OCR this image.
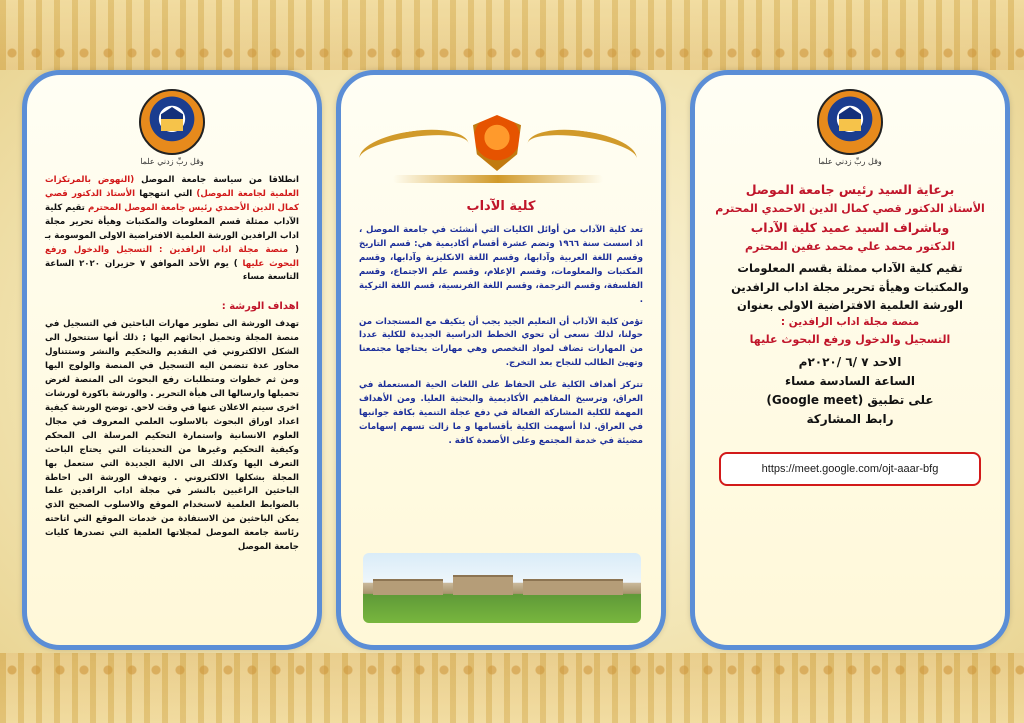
وقل ربِّ زدني علما

انطلاقا من سياسة جامعة الموصل (النهوض بالمرتكزات العلمية لجامعة الموصل) التي انتهجها الأستاذ الدكتور قصي كمال الدين الأحمدي رئيس جامعة الموصل المحترم تقيم كلية الآداب ممثلة قسم المعلومات والمكتبات وهيأة تحرير مجلة اداب الرافدين الورشة العلمية الافتراضية الاولى الموسومة بـ ( منصة مجلة اداب الرافدين : التسجيل والدخول ورفع البحوث عليها ) يوم الأحد الموافق ٧ حزيران ٢٠٢٠ الساعة التاسعة مساء

اهداف الورشة :

تهدف الورشة الى تطوير مهارات الباحثين في التسجيل في منصة المجلة وتحميل ابحاثهم اليها ; ذلك أنها ستتحول الى الشكل الالكتروني في التقديم والتحكيم والنشر وستتناول محاور عدة تتضمن اليه التسجيل في المنصة والولوج اليها ومن ثم خطوات ومتطلبات رفع البحوث الى المنصة لغرض تحميلها وارسالها الى هيأة التحرير . والورشة باكورة لورشات اخرى سيتم الاعلان عنها في وقت لاحق. توضح الورشة كيفية اعداد اوراق البحوث بالاسلوب العلمي المعروف في مجال العلوم الانسانية واستمارة التحكيم المرسلة الى المحكم وكيفية التحكيم وغيرها من التحديثات التي يحتاج الباحث التعرف اليها وكذلك الى الالية الجديدة التي ستعمل بها المجلة بشكلها الالكتروني . وتهدف الورشة الى احاطة الباحثين الراغبين بالنشر في مجلة اداب الرافدين علما بالضوابط العلمية لاستخدام الموقع والاسلوب الصحيح الذي يمكن الباحثين من الاستفادة من خدمات الموقع التي اتاحته رئاسة جامعة الموصل لمجلاتها العلمية التي تصدرها كليات جامعة الموصل

كلية الآداب

تعد كلية الآداب من أوائل الكليات التي أنشئت في جامعة الموصل ، اذ اسست سنة ١٩٦٦ وتضم عشرة أقسام أكاديمية هي: قسم التاريخ وقسم اللغة العربية وآدابها، وقسم اللغة الانكليزية وآدابها، وقسم المكتبات والمعلومات، وقسم الإعلام، وقسم علم الاجتماع، وقسم الفلسفة، وقسم الترجمة، وقسم اللغة الفرنسية، قسم اللغة التركية .

تؤمن كلية الآداب أن التعليم الجيد يجب أن يتكيف مع المستجدات من حولنا، لذلك نسعى أن تحوي الخطط الدراسية الجديدة للكلية عددا من المهارات تضاف لمواد التخصص وهي مهارات يحتاجها مجتمعنا وتهيئ الطالب للنجاح بعد التخرج.

تتركز أهداف الكلية على الحفاظ على اللغات الحية المستعملة في العراق، وترسيخ المفاهيم الأكاديمية والبحثية العليا. ومن الأهداف المهمة للكلية المشاركة الفعالة في دفع عجلة التنمية بكافة جوانبها في العراق. لذا أسهمت الكلية بأقسامها و ما زالت تسهم إسهامات مضيئة في خدمة المجتمع وعلى الأصعدة كافة .

وقل ربِّ زدني علما

برعاية السيد رئيس جامعة الموصل

الأستاذ الدكتور قصي كمال الدين الاحمدي المحترم

وباشراف السيد عميد كلية الآداب

الدكتور محمد علي محمد عفين المحترم

تقيم كلية الآداب ممثلة بقسم المعلومات والمكتبات وهيأة تحرير مجلة اداب الرافدين الورشة العلمية الافتراضية الاولى بعنوان

منصة مجلة اداب الرافدين :

التسجيل والدخول ورفع البحوث عليها

الاحد ٧ /٦ /٢٠٢٠م

الساعة السادسة مساء

على تطبيق (Google meet)

رابط المشاركة

https://meet.google.com/ojt-aaar-bfg
